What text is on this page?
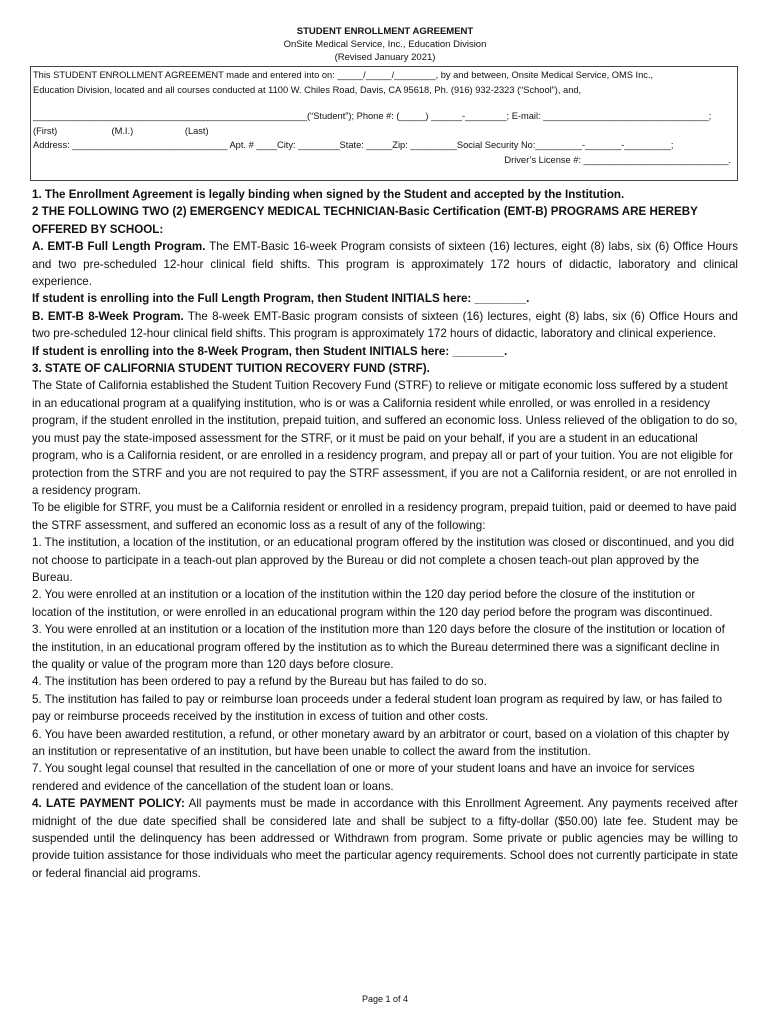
STUDENT ENROLLMENT AGREEMENT
OnSite Medical Service, Inc., Education Division
(Revised January 2021)
This STUDENT ENROLLMENT AGREEMENT made and entered into on: _____/_____/________, by and between, Onsite Medical Service, OMS Inc.,
Education Division, located and all courses conducted at 1100 W. Chiles Road, Davis, CA 95618, Ph. (916) 932-2323 (“School”), and,
_____________________________________________________(“Student”); Phone #: (_____) ______-________; E-mail: ________________________________;
(First)                     (M.I.)                    (Last)
Address: ______________________________ Apt. # ____City: ________State: _____Zip: _________Social Security No:_________-_______-_________;
Driver’s License #: ____________________________.

1. The Enrollment Agreement is legally binding when signed by the Student and accepted by the Institution.

2 THE FOLLOWING TWO (2) EMERGENCY MEDICAL TECHNICIAN-Basic Certification (EMT-B) PROGRAMS ARE HEREBY OFFERED BY SCHOOL:

A. EMT-B Full Length Program. The EMT-Basic 16-week Program consists of sixteen (16) lectures, eight (8) labs, six (6) Office Hours and two pre-scheduled 12-hour clinical field shifts. This program is approximately 172 hours of didactic, laboratory and clinical experience.

If student is enrolling into the Full Length Program, then Student INITIALS here: ________.

B. EMT-B 8-Week Program. The 8-week EMT-Basic program consists of sixteen (16) lectures, eight (8) labs, six (6) Office Hours and two pre-scheduled 12-hour clinical field shifts. This program is approximately 172 hours of didactic, laboratory and clinical experience.

If student is enrolling into the 8-Week Program, then Student INITIALS here: ________.

3. STATE OF CALIFORNIA STUDENT TUITION RECOVERY FUND (STRF).

The State of California established the Student Tuition Recovery Fund (STRF) to relieve or mitigate economic loss suffered by a student in an educational program at a qualifying institution, who is or was a California resident while enrolled, or was enrolled in a residency program, if the student enrolled in the institution, prepaid tuition, and suffered an economic loss. Unless relieved of the obligation to do so, you must pay the state-imposed assessment for the STRF, or it must be paid on your behalf, if you are a student in an educational program, who is a California resident, or are enrolled in a residency program, and prepay all or part of your tuition. You are not eligible for protection from the STRF and you are not required to pay the STRF assessment, if you are not a California resident, or are not enrolled in a residency program.

To be eligible for STRF, you must be a California resident or enrolled in a residency program, prepaid tuition, paid or deemed to have paid the STRF assessment, and suffered an economic loss as a result of any of the following:

1. The institution, a location of the institution, or an educational program offered by the institution was closed or discontinued, and you did not choose to participate in a teach-out plan approved by the Bureau or did not complete a chosen teach-out plan approved by the Bureau.

2. You were enrolled at an institution or a location of the institution within the 120 day period before the closure of the institution or location of the institution, or were enrolled in an educational program within the 120 day period before the program was discontinued.

3. You were enrolled at an institution or a location of the institution more than 120 days before the closure of the institution or location of the institution, in an educational program offered by the institution as to which the Bureau determined there was a significant decline in the quality or value of the program more than 120 days before closure.

4. The institution has been ordered to pay a refund by the Bureau but has failed to do so.

5. The institution has failed to pay or reimburse loan proceeds under a federal student loan program as required by law, or has failed to pay or reimburse proceeds received by the institution in excess of tuition and other costs.

6. You have been awarded restitution, a refund, or other monetary award by an arbitrator or court, based on a violation of this chapter by an institution or representative of an institution, but have been unable to collect the award from the institution.

7. You sought legal counsel that resulted in the cancellation of one or more of your student loans and have an invoice for services rendered and evidence of the cancellation of the student loan or loans.

4. LATE PAYMENT POLICY: All payments must be made in accordance with this Enrollment Agreement. Any payments received after midnight of the due date specified shall be considered late and shall be subject to a fifty-dollar ($50.00) late fee. Student may be suspended until the delinquency has been addressed or Withdrawn from program. Some private or public agencies may be willing to provide tuition assistance for those individuals who meet the particular agency requirements. School does not currently participate in state or federal financial aid programs.

Page 1 of 4
